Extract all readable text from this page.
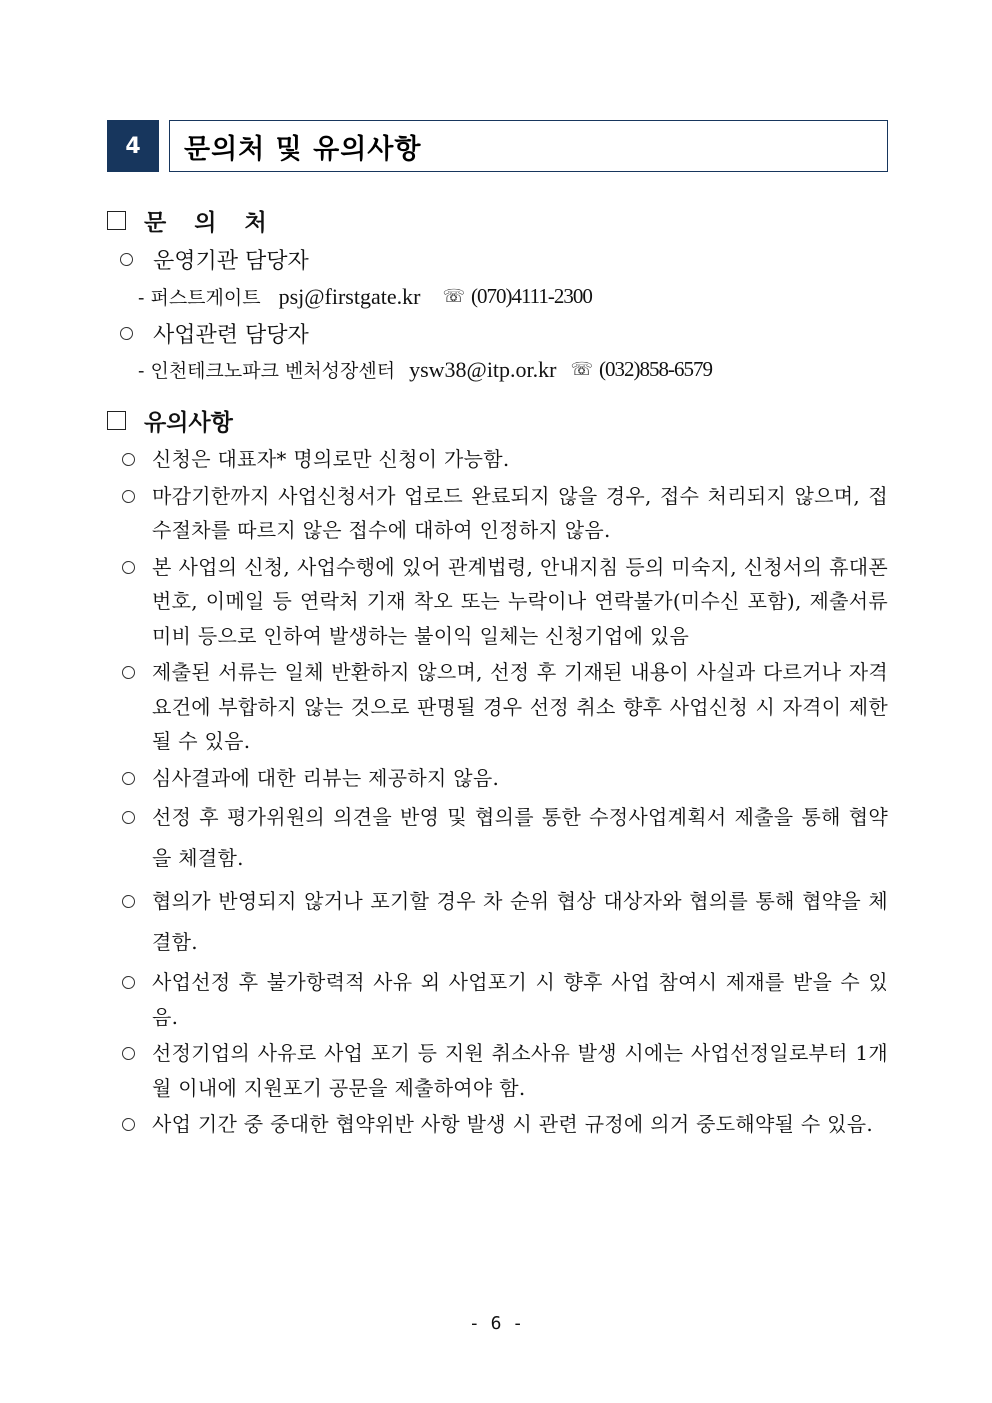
4	문의처 및 유의사항
문 의 처
운영기관 담당자
- 퍼스트게이트 psj@firstgate.kr ☏ (070)4111-2300
사업관련 담당자
- 인천테크노파크 벤처성장센터 ysw38@itp.or.kr ☏ (032)858-6579
유의사항
신청은 대표자* 명의로만 신청이 가능함.
마감기한까지 사업신청서가 업로드 완료되지 않을 경우, 접수 처리되지 않으며, 접수절차를 따르지 않은 접수에 대하여 인정하지 않음.
본 사업의 신청, 사업수행에 있어 관계법령, 안내지침 등의 미숙지, 신청서의 휴대폰 번호, 이메일 등 연락처 기재 착오 또는 누락이나 연락불가(미수신 포함), 제출서류 미비 등으로 인하여 발생하는 불이익 일체는 신청기업에 있음
제출된 서류는 일체 반환하지 않으며, 선정 후 기재된 내용이 사실과 다르거나 자격요건에 부합하지 않는 것으로 판명될 경우 선정 취소 향후 사업신청 시 자격이 제한될 수 있음.
심사결과에 대한 리뷰는 제공하지 않음.
선정 후 평가위원의 의견을 반영 및 협의를 통한 수정사업계획서 제출을 통해 협약을 체결함.
협의가 반영되지 않거나 포기할 경우 차 순위 협상 대상자와 협의를 통해 협약을 체결함.
사업선정 후 불가항력적 사유 외 사업포기 시 향후 사업 참여시 제재를 받을 수 있음.
선정기업의 사유로 사업 포기 등 지원 취소사유 발생 시에는 사업선정일로부터 1개월 이내에 지원포기 공문을 제출하여야 함.
사업 기간 중 중대한 협약위반 사항 발생 시 관련 규정에 의거 중도해약될 수 있음.
- 6 -
